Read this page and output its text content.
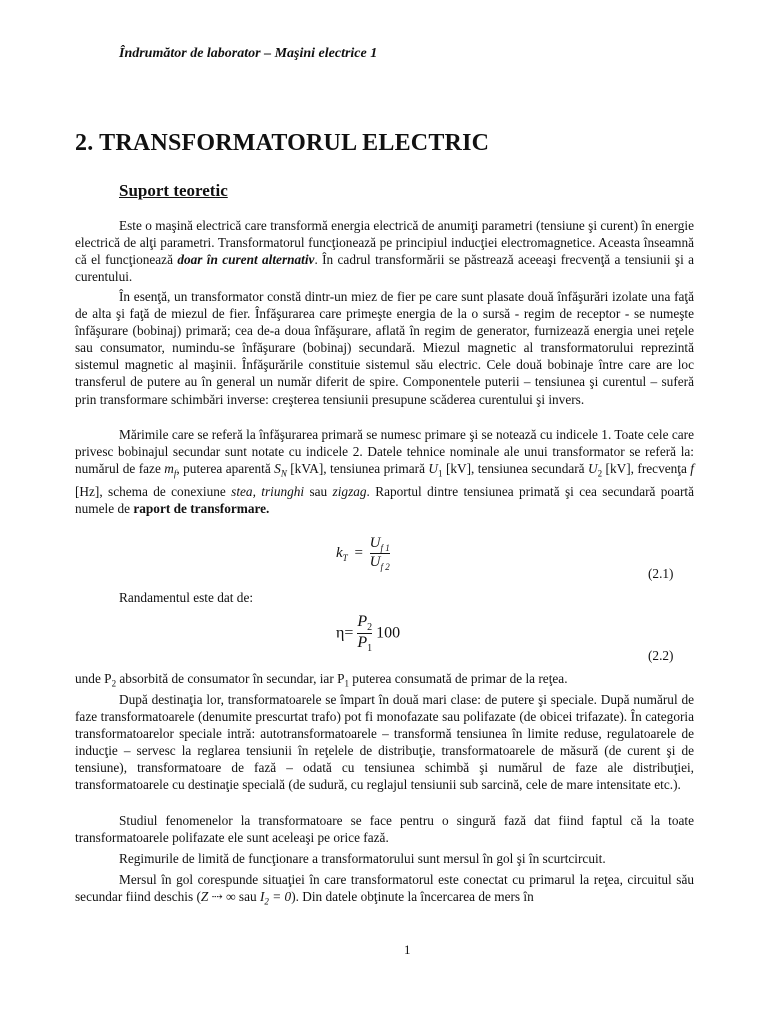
Îndrumător de laborator – Maşini electrice 1
2. TRANSFORMATORUL ELECTRIC
Suport teoretic

Este o maşină electrică care transformă energia electrică de anumiţi parametri (tensiune şi curent) în energie electrică de alţi parametri. Transformatorul funcţionează pe principiul inducţiei electromagnetice. Aceasta înseamnă că el funcţionează doar în curent alternativ. În cadrul transformării se păstrează aceeaşi frecvenţă a tensiunii şi a curentului.

În esenţă, un transformator constă dintr-un miez de fier pe care sunt plasate două înfăşurări izolate una faţă de alta şi faţă de miezul de fier. Înfăşurarea care primeşte energia de la o sursă - regim de receptor - se numeşte înfăşurare (bobinaj) primară; cea de-a doua înfăşurare, aflată în regim de generator, furnizează energia unei reţele sau consumator, numindu-se înfăşurare (bobinaj) secundară. Miezul magnetic al transformatorului reprezintă sistemul magnetic al maşinii. Înfăşurările constituie sistemul său electric. Cele două bobinaje între care are loc transferul de putere au în general un număr diferit de spire. Componentele puterii – tensiunea şi curentul – suferă prin transformare schimbări inverse: creşterea tensiunii presupune scăderea curentului şi invers.

Mărimile care se referă la înfăşurarea primară se numesc primare şi se notează cu indicele 1. Toate cele care privesc bobinajul secundar sunt notate cu indicele 2. Datele tehnice nominale ale unui transformator se referă la: numărul de faze $m_f$, puterea aparentă $S_N$ [kVA], tensiunea primară $U_1$ [kV], tensiunea secundară $U_2$ [kV], frecvenţa f [Hz], schema de conexiune stea, triunghi sau zigzag. Raportul dintre tensiunea primată şi cea secundară poartă numele de raport de transformare.

$k_T = \frac{U_{f 1}}{U_{f 2}}$
(2.1)

Randamentul este dat de:

$\eta= \frac{P_2}{P_1} 100$
(2.2)

unde $P_2$ absorbită de consumator în secundar, iar $P_1$ puterea consumată de primar de la reţea.

După destinaţia lor, transformatoarele se împart în două mari clase: de putere şi speciale. După numărul de faze transformatoarele (denumite prescurtat trafo) pot fi monofazate sau polifazate (de obicei trifazate). În categoria transformatoarelor speciale intră: autotransformatoarele – transformă tensiunea în limite reduse, regulatoarele de inducţie – servesc la reglarea tensiunii în reţelele de distribuţie, transformatoarele de măsură (de curent şi de tensiune), transformatoare de fază – odată cu tensiunea schimbă şi numărul de faze ale distribuţiei, transformatoarele cu destinaţie specială (de sudură, cu reglajul tensiunii sub sarcină, cele de mare intensitate etc.).

Studiul fenomenelor la transformatoare se face pentru o singură fază dat fiind faptul că la toate transformatoarele polifazate ele sunt aceleaşi pe orice fază.

Regimurile de limită de funcţionare a transformatorului sunt mersul în gol şi în scurtcircuit.

Mersul în gol corespunde situaţiei în care transformatorul este conectat cu primarul la reţea, circuitul său secundar fiind deschis (Z ⇢ ∞ sau $I_2 = 0$). Din datele obţinute la încercarea de mers în

1
